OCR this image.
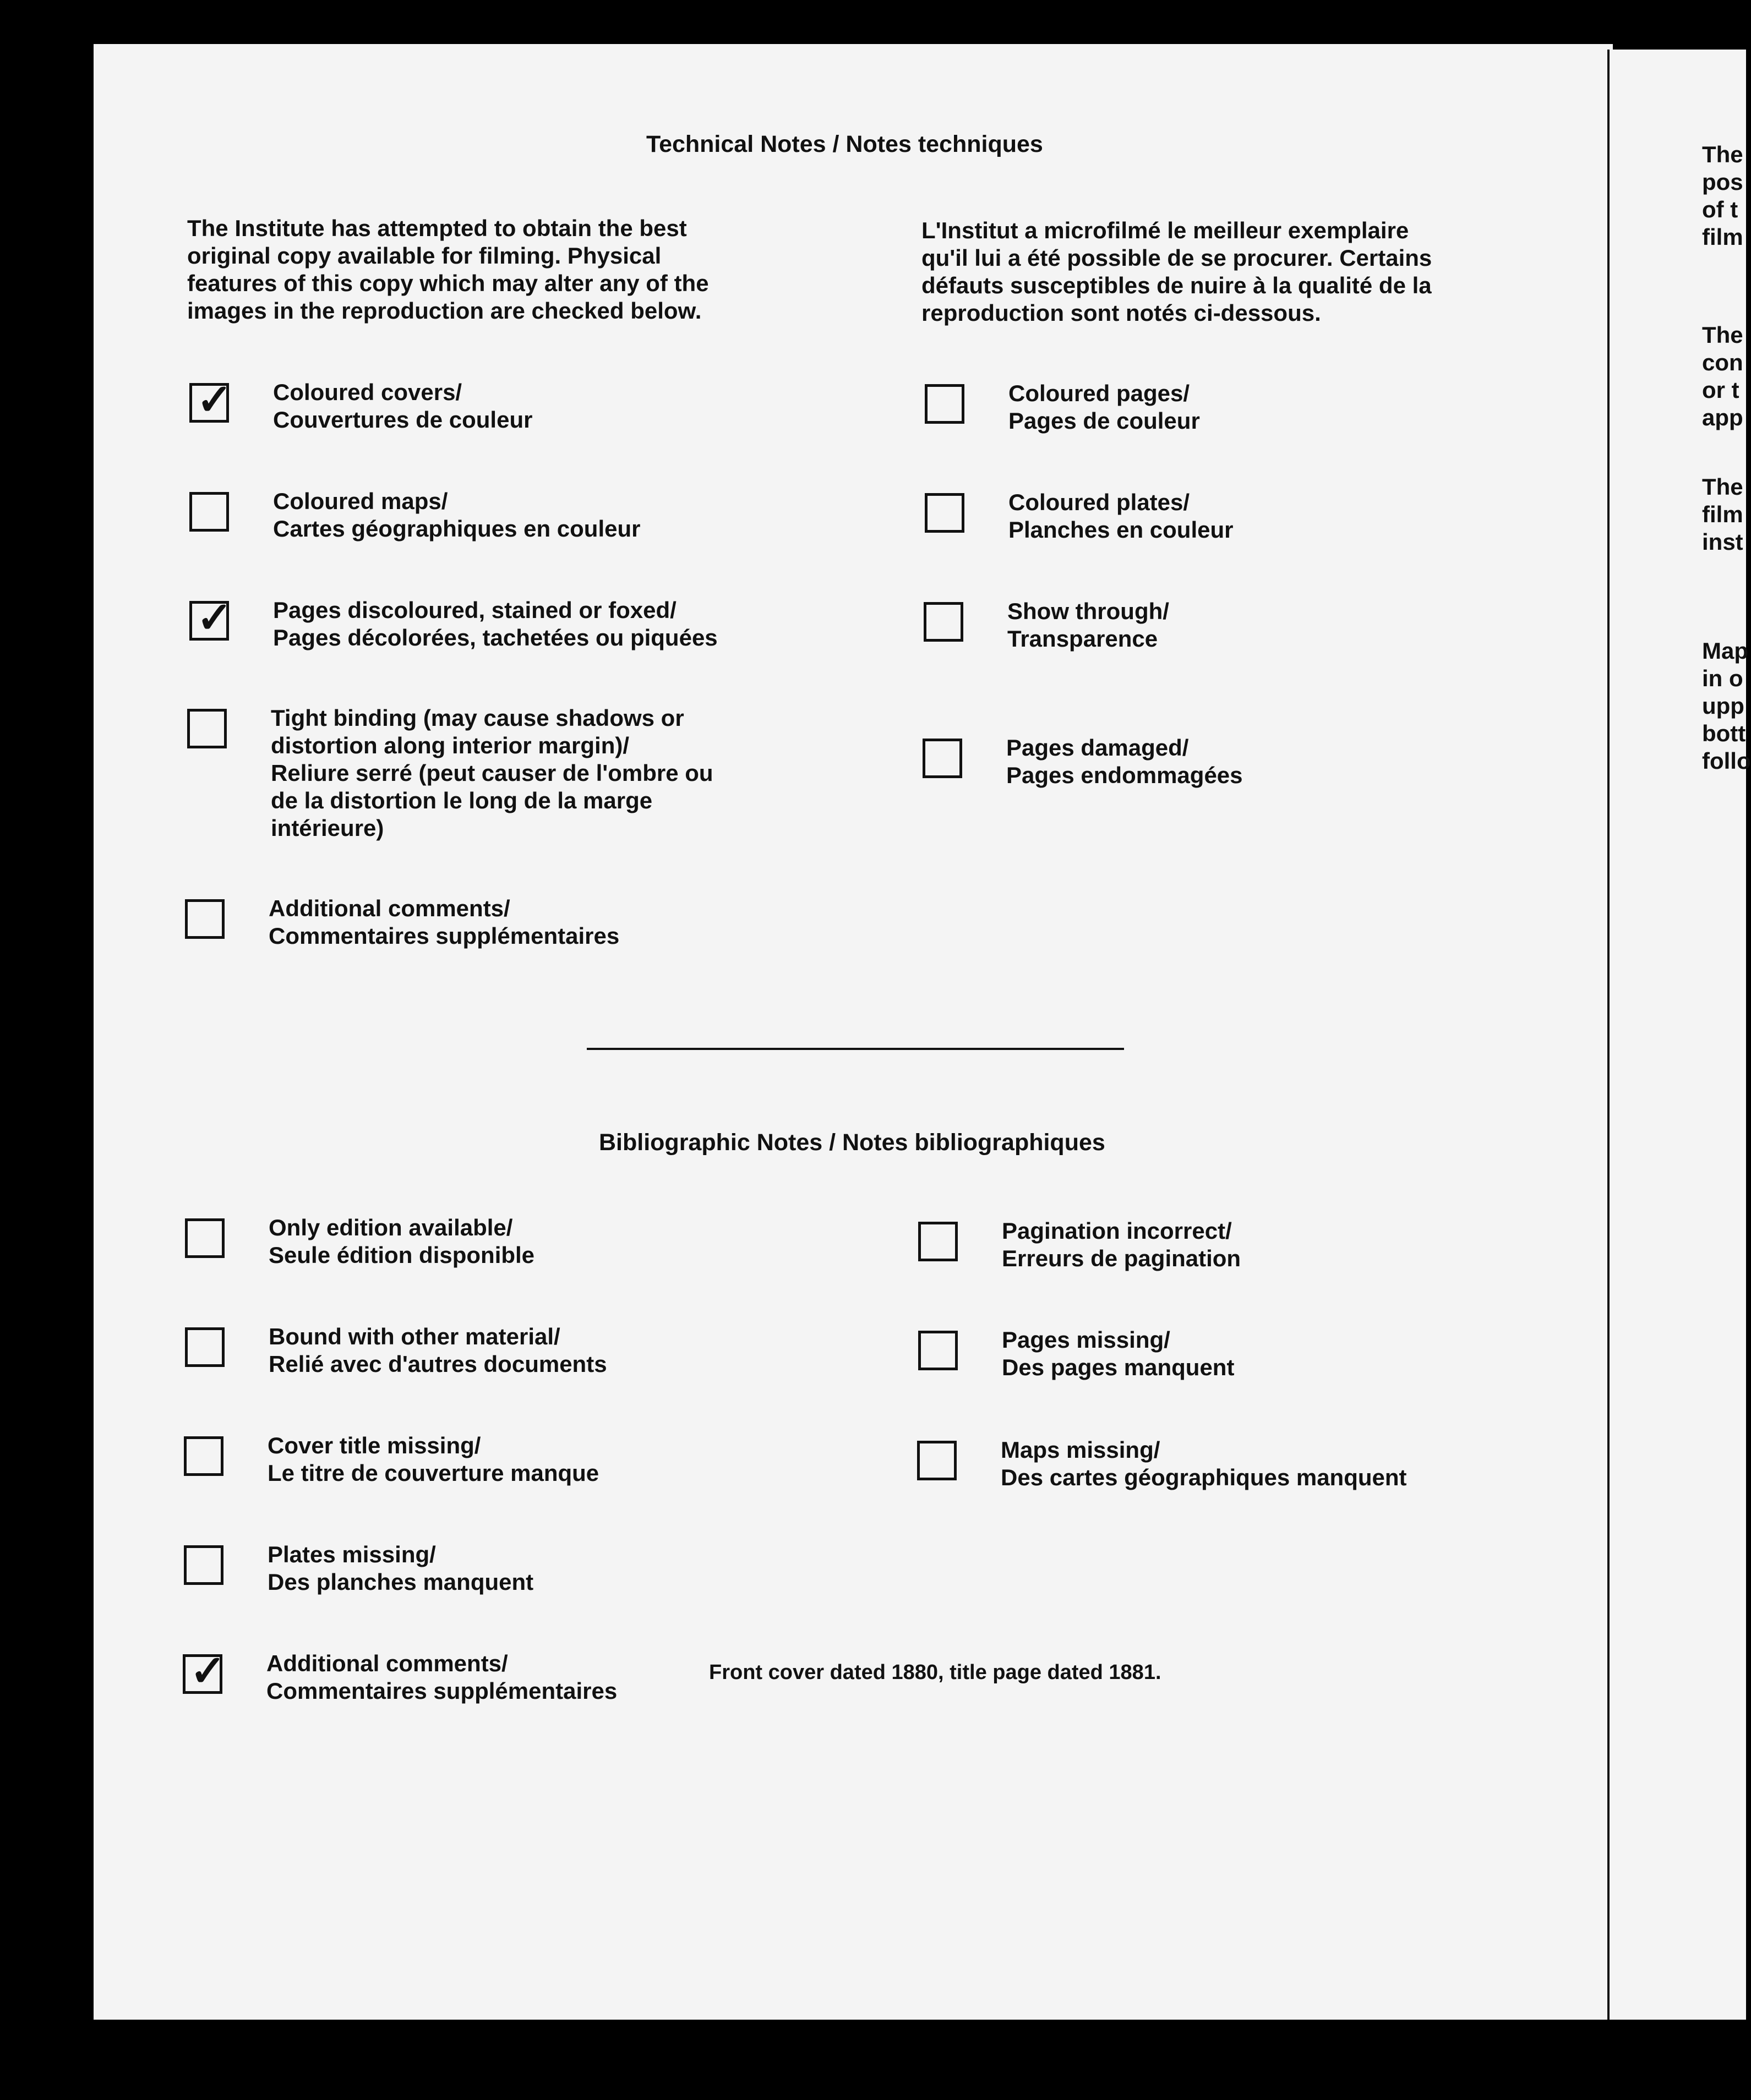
Technical Notes / Notes techniques
The Institute has attempted to obtain the best
original copy available for filming. Physical
features of this copy which may alter any of the
images in the reproduction are checked below.
L'Institut a microfilmé le meilleur exemplaire
qu'il lui a été possible de se procurer. Certains
défauts susceptibles de nuire à la qualité de la
reproduction sont notés ci-dessous.
✓ Coloured covers/
Couvertures de couleur
Coloured maps/
Cartes géographiques en couleur
✓ Pages discoloured, stained or foxed/
Pages décolorées, tachetées ou piquées
Tight binding (may cause shadows or
distortion along interior margin)/
Reliure serré (peut causer de l'ombre ou
de la distortion le long de la marge
intérieure)
Additional comments/
Commentaires supplémentaires
Coloured pages/
Pages de couleur
Coloured plates/
Planches en couleur
Show through/
Transparence
Pages damaged/
Pages endommagées
Bibliographic Notes / Notes bibliographiques
Only edition available/
Seule édition disponible
Bound with other material/
Relié avec d'autres documents
Cover title missing/
Le titre de couverture manque
Plates missing/
Des planches manquent
✓ Additional comments/
Commentaires supplémentaires
Front cover dated 1880, title page dated 1881.
Pagination incorrect/
Erreurs de pagination
Pages missing/
Des pages manquent
Maps missing/
Des cartes géographiques manquent
The
pos
of t
film
The
con
or t
app
The
film
inst
Map
in o
upp
bott
follo
